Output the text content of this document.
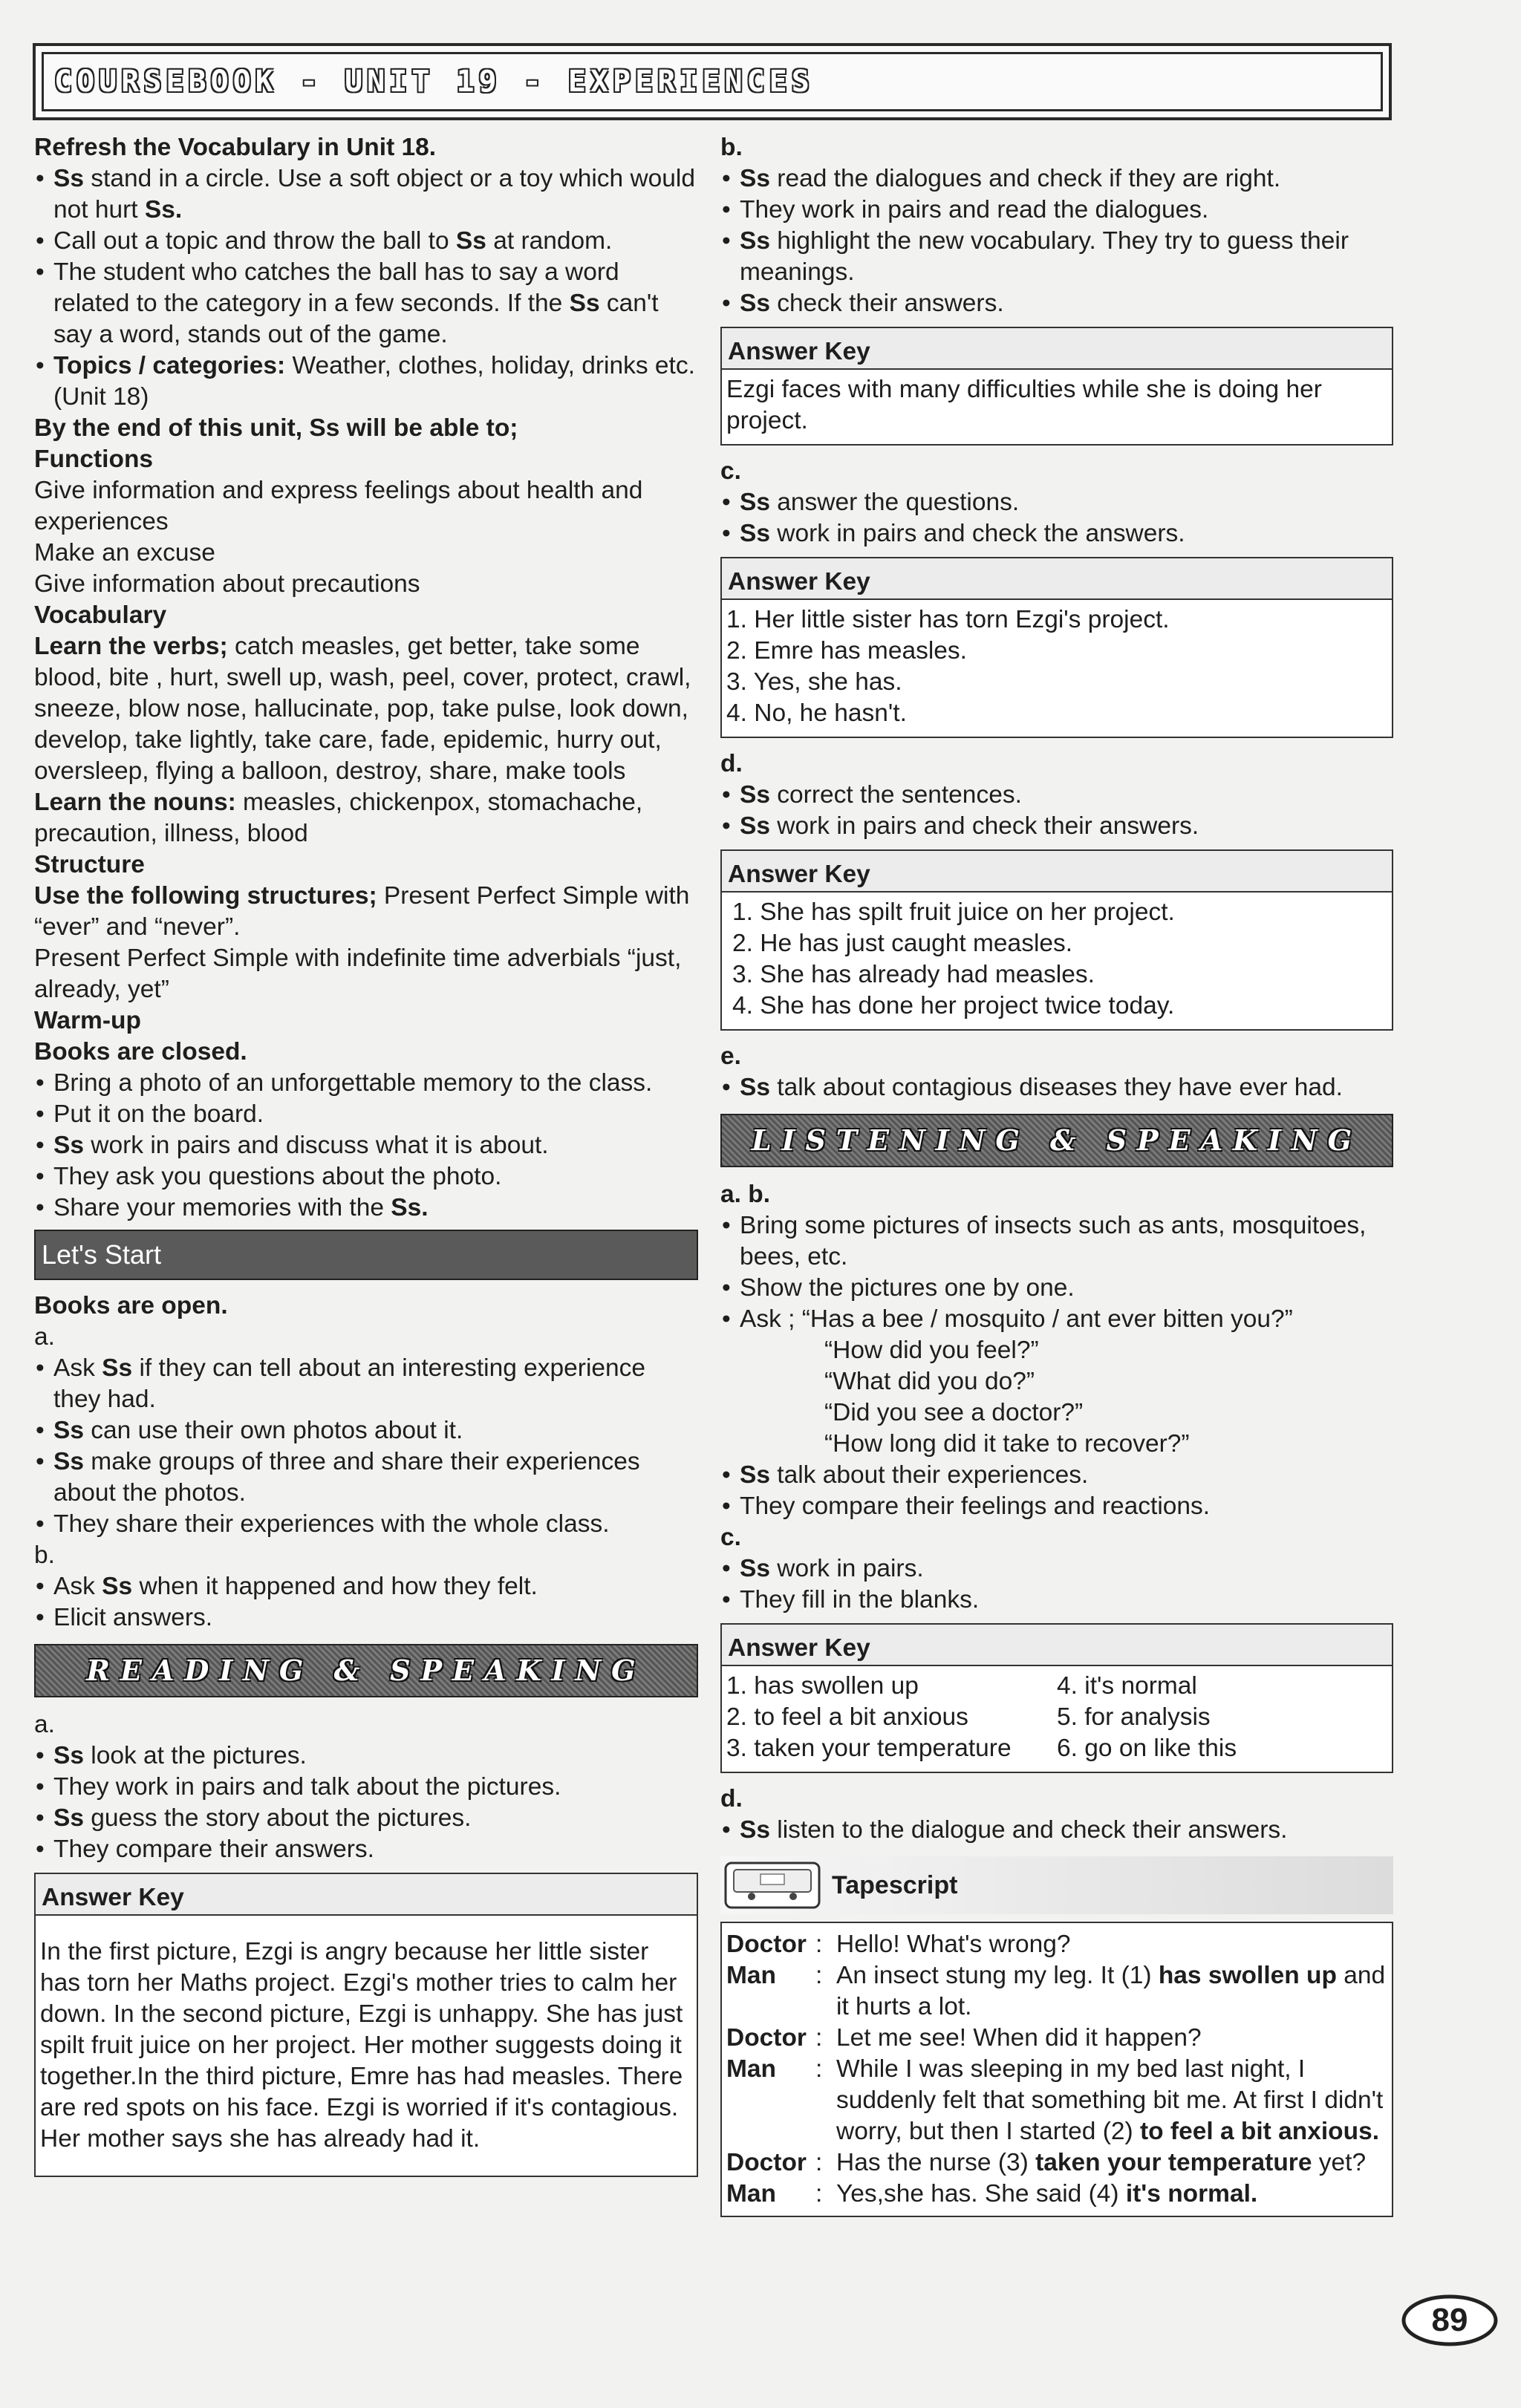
COURSEBOOK - UNIT 19 - EXPERIENCES

Refresh the Vocabulary in Unit 18.

• Ss stand in a circle. Use a soft object or a toy which would not hurt Ss.
• Call out a topic and throw the ball to Ss at random.
• The student who catches the ball has to say a word related to the category in a few seconds. If the Ss can't say a word, stands out of the game.
• Topics / categories: Weather, clothes, holiday, drinks etc. (Unit 18)

By the end of this unit, Ss will be able to;

Functions

Give information and express feelings about health and experiences

Make an excuse

Give information about precautions

Vocabulary

Learn the verbs; catch measles, get better, take some blood, bite , hurt, swell up, wash, peel, cover, protect, crawl, sneeze, blow nose, hallucinate, pop, take pulse, look down, develop, take lightly, take care, fade, epidemic, hurry out, oversleep, flying a balloon, destroy, share, make tools

Learn the nouns: measles, chickenpox, stomachache, precaution, illness, blood

Structure

Use the following structures; Present Perfect Simple with “ever” and “never”.

Present Perfect Simple with indefinite time adverbials “just, already, yet”

Warm-up

Books are closed.

• Bring a photo of an unforgettable memory to the class.
• Put it on the board.
• Ss work in pairs and discuss what it is about.
• They ask you questions about the photo.
• Share your memories with the Ss.
Let's Start

Books are open.

a.

• Ask Ss if they can tell about an interesting experience they had.
• Ss can use their own photos about it.
• Ss make groups of three and share their experiences about the photos.
• They share their experiences with the whole class.

b.

• Ask Ss when it happened and how they felt.
• Elicit answers.
READING & SPEAKING

a.

• Ss look at the pictures.
• They work in pairs and talk about the pictures.
• Ss guess the story about the pictures.
• They compare their answers.
Answer Key

In the first picture, Ezgi is angry because her little sister has torn her Maths project. Ezgi's mother tries to calm her down. In the second picture, Ezgi is unhappy. She has just spilt fruit juice on her project. Her mother suggests doing it together.In the third picture, Emre has had measles. There are red spots on his face. Ezgi is worried if it's contagious. Her mother says she has already had it.

b.

• Ss read the dialogues and check if they are right.
• They work in pairs and read the dialogues.
• Ss highlight the new vocabulary. They try to guess their meanings.
• Ss check their answers.
Answer Key

Ezgi faces with many difficulties while she is doing her project.

c.

• Ss answer the questions.
• Ss work in pairs and check the answers.
Answer Key

1. Her little sister has torn Ezgi's project.

2. Emre has measles.

3. Yes, she has.

4. No, he hasn't.

d.

• Ss correct the sentences.
• Ss work in pairs and check their answers.
Answer Key

1. She has spilt fruit juice on her project.

2. He has just caught measles.

3. She has already had measles.

4. She has done her project twice today.

e.

• Ss talk about contagious diseases they have ever had.
LISTENING & SPEAKING

a. b.

• Bring some pictures of insects such as ants, mosquitoes, bees, etc.
• Show the pictures one by one.
• Ask ; “Has a bee / mosquito / ant ever bitten you?”

“How did you feel?”

“What did you do?”

“Did you see a doctor?”

“How long did it take to recover?”

• Ss talk about their experiences.
• They compare their feelings and reactions.

c.

• Ss work in pairs.
• They fill in the blanks.
Answer Key

1. has swollen up

2. to feel a bit anxious

3. taken your temperature

4. it's normal

5. for analysis

6. go on like this

d.

• Ss listen to the dialogue and check their answers.
Tapescript
Doctor : Hello! What's wrong?
Man	: An insect stung my leg. It (1) has swollen up and it hurts a lot.
Doctor : Let me see! When did it happen?
Man	: While I was sleeping in my bed last night, I suddenly felt that something bit me. At first I didn't worry, but then I started (2) to feel a bit anxious.
Doctor : Has the nurse (3) taken your temperature yet?
Man	: Yes,she has. She said (4) it's normal.
89
